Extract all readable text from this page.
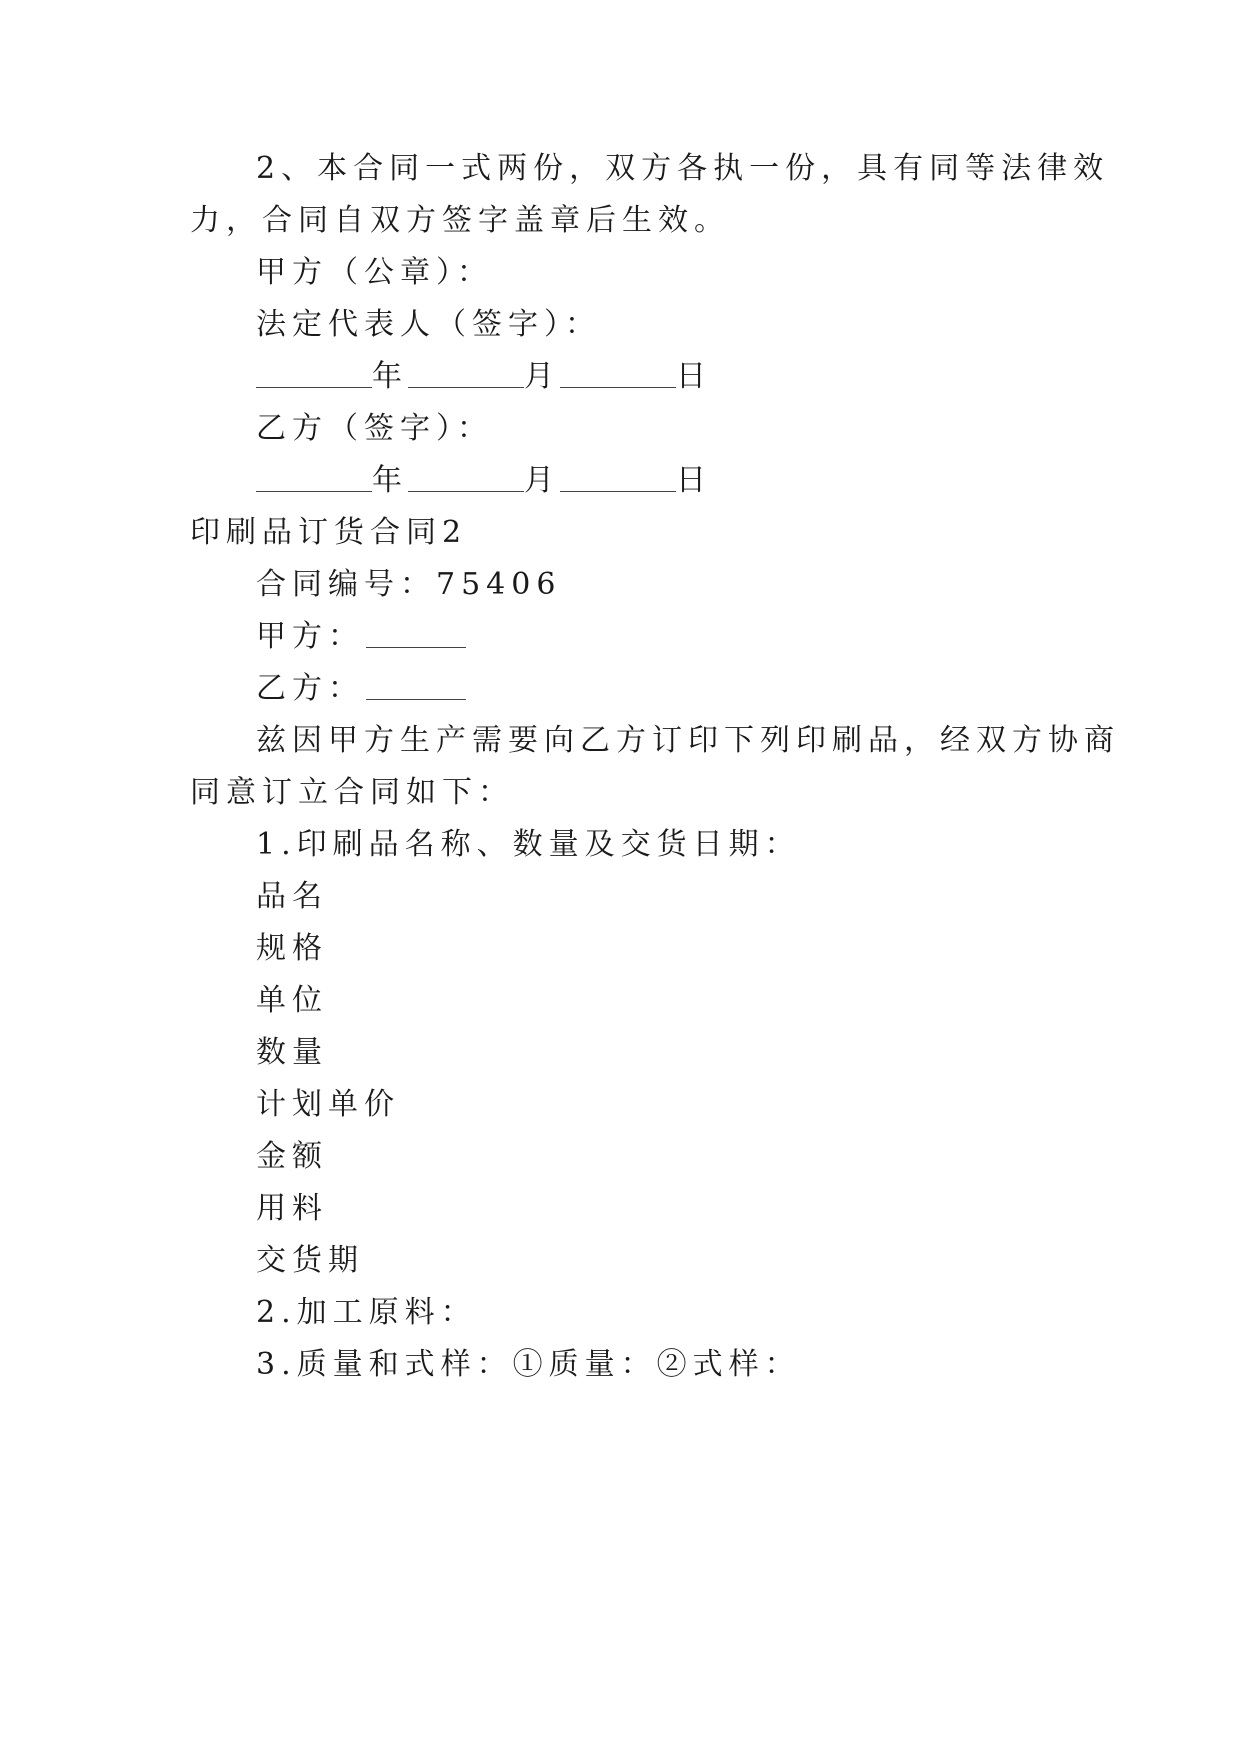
2、本合同一式两份，双方各执一份，具有同等法律效
力，合同自双方签字盖章后生效。
甲方（公章）：
法定代表人（签字）：
年	月	日
乙方（签字）：
年	月	日
印刷品订货合同2
合同编号：75406
甲方：
乙方：
兹因甲方生产需要向乙方订印下列印刷品，经双方协商
同意订立合同如下：
1.印刷品名称、数量及交货日期：
品名
规格
单位
数量
计划单价
金额
用料
交货期
2.加工原料：
3.质量和式样：①质量：②式样：
